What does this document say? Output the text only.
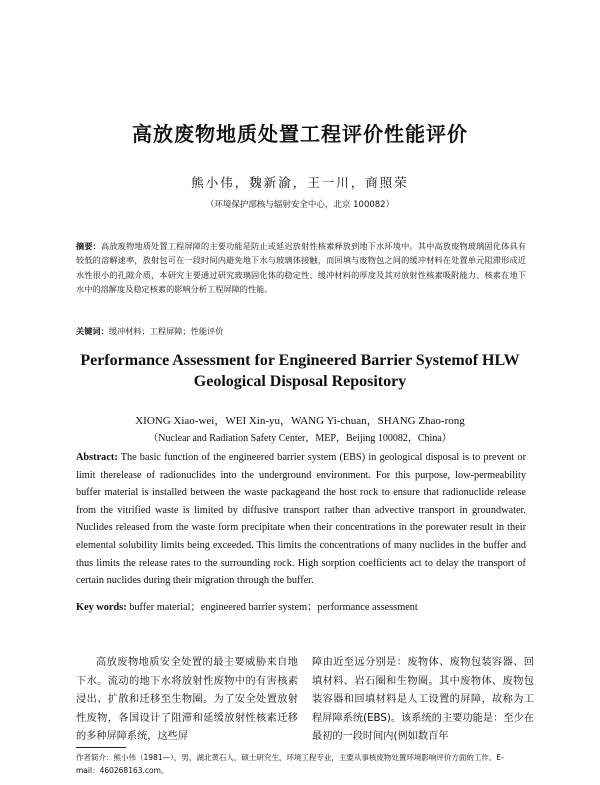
高放废物地质处置工程评价性能评价
熊小伟，魏新渝，王一川，商照荣
（环境保护部核与辐射安全中心，北京 100082）
摘要：高放废物地质处置工程屏障的主要功能是防止或延迟放射性核素释放到地下水环境中。其中高放废物玻璃固化体具有较低的溶解速率，放射包可在一段时间内避免地下水与玻璃体接触，而回填与废物包之间的缓冲材料在处置单元阻滞形成近水性很小的孔隙介质，本研究主要通过研究玻璃固化体的稳定性、缓冲材料的厚度及其对放射性核素吸附能力、核素在地下水中的溶解度及稳定核素的影响分析工程屏障的性能。
关键词：缓冲材料；工程屏障；性能评价
Performance Assessment for Engineered Barrier Systemof HLW Geological Disposal Repository
XIONG Xiao-wei，WEI Xin-yu，WANG Yi-chuan，SHANG Zhao-rong
（Nuclear and Radiation Safety Center，MEP，Beijing 100082，China）
Abstract: The basic function of the engineered barrier system (EBS) in geological disposal is to prevent or limit therelease of radionuclides into the underground environment. For this purpose, low-permeability buffer material is installed between the waste packageand the host rock to ensure that radionuclide release from the vitrified waste is limited by diffusive transport rather than advective transport in groundwater. Nuclides released from the waste form precipitate when their concentrations in the porewater result in their elemental solubility limits being exceeded. This limits the concentrations of many nuclides in the buffer and thus limits the release rates to the surrounding rock. High sorption coefficients act to delay the transport of certain nuclides during their migration through the buffer.
Key words: buffer material；engineered barrier system；performance assessment
高放废物地质安全处置的最主要威胁来自地下水。流动的地下水将放射性废物中的有害核素浸出、扩散和迁移至生物圈。为了安全处置放射性废物，各国设计了阻滞和延缓放射性核素迁移的多种屏障系统，这些屏
障由近至远分别是：废物体、废物包装容器、回填材料、岩石圈和生物圈。其中废物体、废物包装容器和回填材料是人工设置的屏障，故称为工程屏障系统(EBS)。该系统的主要功能是：至少在最初的一段时间内(例如数百年
作者简介：熊小伟（1981—），男，湖北黄石人，硕士研究生，环境工程专业，主要从事核废物处置环境影响评价方面的工作。E-mail：460268163.com。
